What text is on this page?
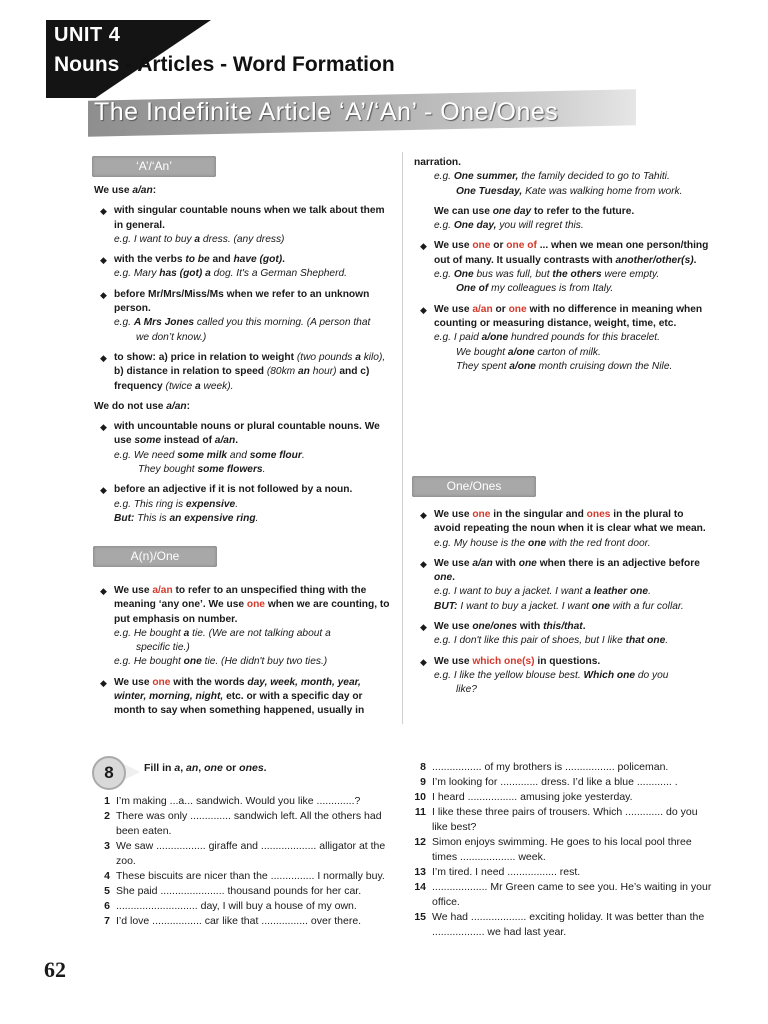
UNIT 4
Nouns - Articles - Word Formation
The Indefinite Article ‘A’/‘An’ - One/Ones
‘A’/‘An’

We use a/an:

◆ with singular countable nouns when we talk about them in general.

e.g. I want to buy a dress. (any dress)

◆ with the verbs to be and have (got).

e.g. Mary has (got) a dog. It's a German Shepherd.

◆ before Mr/Mrs/Miss/Ms when we refer to an unknown person.

e.g. A Mrs Jones called you this morning. (A person that

we don’t know.)

◆ to show: a) price in relation to weight (two pounds a kilo), b) distance in relation to speed (80km an hour) and c) frequency (twice a week).

We do not use a/an:

◆ with uncountable nouns or plural countable nouns. We use some instead of a/an.

e.g. We need some milk and some flour.

They bought some flowers.

◆ before an adjective if it is not followed by a noun.

e.g. This ring is expensive.

But: This is an expensive ring.

A(n)/One

◆ We use a/an to refer to an unspecified thing with the meaning ‘any one’. We use one when we are counting, to put emphasis on number.

e.g. He bought a tie. (We are not talking about a

specific tie.)

e.g. He bought one tie. (He didn't buy two ties.)

◆ We use one with the words day, week, month, year, winter, morning, night, etc. or with a specific day or month to say when something happened, usually in

narration.

e.g. One summer, the family decided to go to Tahiti.

One Tuesday, Kate was walking home from work.

We can use one day to refer to the future.

e.g. One day, you will regret this.

◆ We use one or one of ... when we mean one person/thing out of many. It usually contrasts with another/other(s).

e.g. One bus was full, but the others were empty.

One of my colleagues is from Italy.

◆ We use a/an or one with no difference in meaning when counting or measuring distance, weight, time, etc.

e.g. I paid a/one hundred pounds for this bracelet.

We bought a/one carton of milk.

They spent a/one month cruising down the Nile.

One/Ones

◆ We use one in the singular and ones in the plural to avoid repeating the noun when it is clear what we mean.

e.g. My house is the one with the red front door.

◆ We use a/an with one when there is an adjective before one.

e.g. I want to buy a jacket. I want a leather one.

BUT: I want to buy a jacket. I want one with a fur collar.

◆ We use one/ones with this/that.

e.g. I don't like this pair of shoes, but I like that one.

◆ We use which one(s) in questions.

e.g. I like the yellow blouse best. Which one do you

like?

8	Fill in a, an, one or ones.
1 I’m making ...a... sandwich. Would you like .............?
2 There was only .............. sandwich left. All the others had been eaten.
3 We saw ................. giraffe and ................... alligator at the zoo.
4 These biscuits are nicer than the ............... I normally buy.
5 She paid ...................... thousand pounds for her car.
6 ............................ day, I will buy a house of my own.
7 I’d love ................. car like that ................ over there.
8 ................. of my brothers is ................. policeman.
9 I’m looking for ............. dress. I’d like a blue ............ .
10 I heard ................. amusing joke yesterday.
11 I like these three pairs of trousers. Which ............. do you like best?
12 Simon enjoys swimming. He goes to his local pool three times ................... week.
13 I’m tired. I need ................. rest.
14 ................... Mr Green came to see you. He’s waiting in your office.
15 We had ................... exciting holiday. It was better than the .................. we had last year.
62
